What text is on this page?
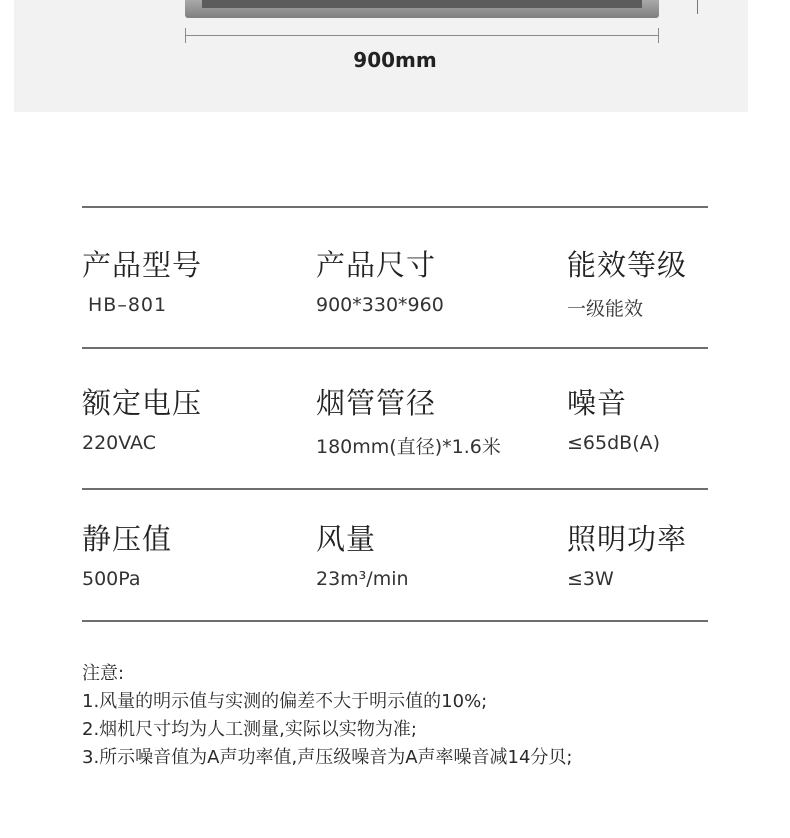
900mm
产品型号
HB–801
产品尺寸
900*330*960
能效等级
一级能效
额定电压
220VAC
烟管管径
180mm(直径)*1.6米
噪音
≤65dB(A)
静压值
500Pa
风量
23m³/min
照明功率
≤3W
注意:
1.风量的明示值与实测的偏差不大于明示值的10%;
2.烟机尺寸均为人工测量,实际以实物为准;
3.所示噪音值为A声功率值,声压级噪音为A声率噪音减14分贝;
